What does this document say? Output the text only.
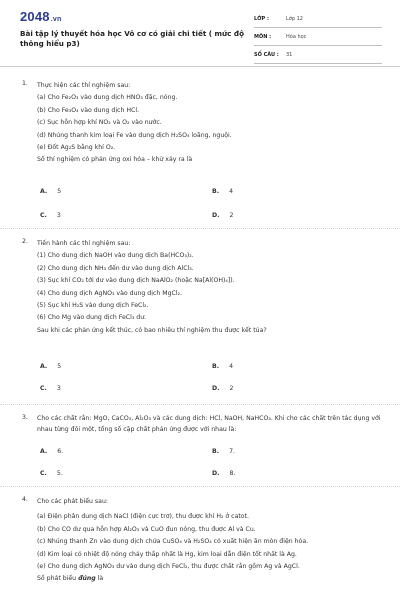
2048.vn
Bài tập lý thuyết hóa học Vô cơ có giải chi tiết ( mức độ thông hiểu p3)
LỚP :	Lớp 12
MÔN :	Hóa học
SỐ CÂU : 31
1. Thực hiện các thí nghiệm sau:
(a) Cho Fe₂O₃ vào dung dịch HNO₃ đặc, nóng.
(b) Cho Fe₃O₄ vào dung dịch HCl.
(c) Sục hỗn hợp khí NO₂ và O₂ vào nước.
(d) Nhúng thanh kim loại Fe vào dung dịch H₂SO₄ loãng, nguội.
(e) Đốt Ag₂S bằng khí O₂.
Số thí nghiệm có phản ứng oxi hóa – khử xảy ra là
A. 5	B. 4
C. 3	D. 2
2. Tiến hành các thí nghiệm sau:
(1) Cho dung dịch NaOH vào dung dịch Ba(HCO₃)₂.
(2) Cho dung dịch NH₃ đến dư vào dung dịch AlCl₃.
(3) Sục khí CO₂ tới dư vào dung dịch NaAlO₂ (hoặc Na[Al(OH)₄]).
(4) Cho dung dịch AgNO₃ vào dung dịch MgCl₂.
(5) Sục khí H₂S vào dung dịch FeCl₂.
(6) Cho Mg vào dung dịch FeCl₃ dư.
Sau khi các phản ứng kết thúc, có bao nhiêu thí nghiệm thu được kết tủa?
A. 5	B. 4
C. 3	D. 2
3. Cho các chất rắn: MgO, CaCO₃, Al₂O₃ và các dung dịch: HCl, NaOH, NaHCO₃. Khi cho các chất trên tác dụng với nhau từng đôi một, tổng số cặp chất phản ứng được với nhau là:
A. 6.	B. 7.
C. 5.	D. 8.
4. Cho các phát biểu sau:
(a) Điện phân dung dịch NaCl (điện cực trơ), thu được khí H₂ ở catot.
(b) Cho CO dư qua hỗn hợp Al₂O₃ và CuO đun nóng, thu được Al và Cu.
(c) Nhúng thanh Zn vào dung dịch chứa CuSO₄ và H₂SO₄ có xuất hiện ăn mòn điện hóa.
(d) Kim loại có nhiệt độ nóng chảy thấp nhất là Hg, kim loại dẫn điện tốt nhất là Ag.
(e) Cho dung dịch AgNO₃ dư vào dung dịch FeCl₂, thu được chất rắn gồm Ag và AgCl.
Số phát biểu đúng là
